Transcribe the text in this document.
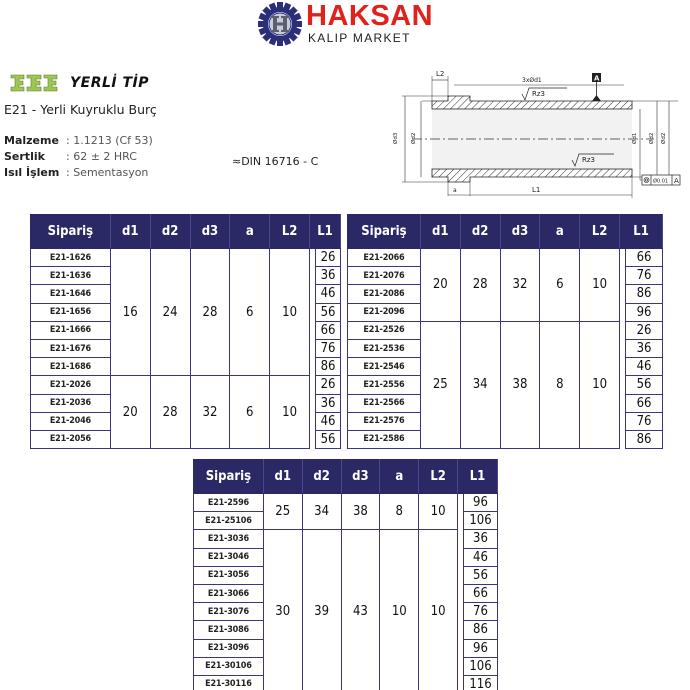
HAKSAN
KALIP MARKET
YERLİ TİP
E21 - Yerli Kuyruklu Burç
Malzeme : 1.1213 (Cf 53)
Sertlik	: 62 ± 2 HRC
Isıl İşlem : Sementasyon
≈DIN 16716 - C
L2
3xØd1	A
Rz3
Rz3
Ød3 Ød2	Ød1 Ød2 Ød2
a	L1
Ø0.01 A
Sipariş	d1	d2	d3	a	L2	L1	
E21-1626	16	24	28	6	10		26
E21-1636							36
E21-1646							46
E21-1656							56
E21-1666							66
E21-1676							76
E21-1686							86
E21-2026	20	28	32	6	10		26
E21-2036							36
E21-2046							46
E21-2056							56
Sipariş	d1	d2	d3	a	L2	L1	
E21-2066	20	28	32	6	10		66
E21-2076							76
E21-2086							86
E21-2096							96
E21-2526	25	34	38	8	10		26
E21-2536							36
E21-2546							46
E21-2556							56
E21-2566							66
E21-2576							76
E21-2586							86
Sipariş	d1	d2	d3	a	L2	L1	
E21-2596	25	34	38	8	10		96
E21-25106							106
E21-3036	30	39	43	10	10		36
E21-3046							46
E21-3056							56
E21-3066							66
E21-3076							76
E21-3086							86
E21-3096							96
E21-30106							106
E21-30116							116
